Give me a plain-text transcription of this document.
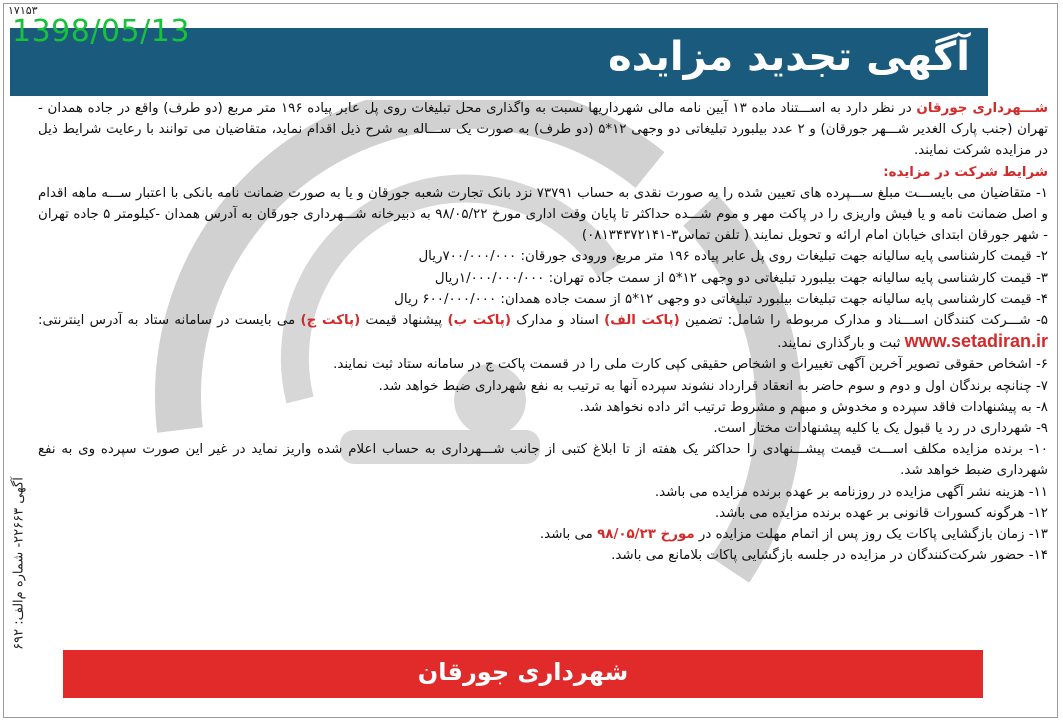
۱۷۱۵۳
1398/05/13
آگهی تجدید مزایده
آگهی ۲۲۶۶۳- شماره م‌الف: ۶۹۲

شـــهرداری جورقان در نظر دارد به اســـتناد ماده ۱۳ آیین نامه مالی شهرداریها نسبت به واگذاری محل تبلیغات روی پل عابر پیاده ۱۹۶ متر مربع (دو طرف) واقع در جاده همدان - تهران (جنب پارک الغدیر شـــهر جورقان) و ۲ عدد بیلبورد تبلیغاتی دو وجهی ۱۲*۵ (دو طرف) به صورت یک ســـاله به شرح ذیل اقدام نماید، متقاضیان می توانند با رعایت شرایط ذیل در مزایده شرکت نمایند.

شرایط شرکت در مزایده:

۱- متقاضیان می بایســـت مبلغ ســـپرده های تعیین شده را به صورت نقدی به حساب ۷۳۷۹۱ نزد بانک تجارت شعبه جورقان و یا به صورت ضمانت نامه بانکی با اعتبار ســـه ماهه اقدام و اصل ضمانت نامه و یا فیش واریزی را در پاکت مهر و موم شـــده حداکثر تا پایان وقت اداری مورخ ۹۸/۰۵/۲۲ به دبیرخانه شـــهرداری جورقان به آدرس همدان -کیلومتر ۵ جاده تهران - شهر جورقان ابتدای خیابان امام ارائه و تحویل نمایند ( تلفن تماس۳-۰۸۱۳۴۳۷۲۱۴۱)

۲- قیمت کارشناسی پایه سالیانه جهت تبلیغات روی پل عابر پیاده ۱۹۶ متر مربع، ورودی جورقان: ۷۰۰/۰۰۰/۰۰۰ریال

۳- قیمت کارشناسی پایه سالیانه جهت بیلبورد تبلیغاتی دو وجهی ۱۲*۵ از سمت جاده تهران: ۱/۰۰۰/۰۰۰/۰۰۰ریال

۴- قیمت کارشناسی پایه سالیانه جهت تبلیغات بیلبورد تبلیغاتی دو وجهی ۱۲*۵ از سمت جاده همدان: ۶۰۰/۰۰۰/۰۰۰ ریال

۵- شـــرکت کنندگان اســـناد و مدارک مربوطه را شامل: تضمین (پاکت الف) اسناد و مدارک (پاکت ب) پیشنهاد قیمت (پاکت ج) می بایست در سامانه ستاد به آدرس اینترنتی: www.setadiran.ir ثبت و بارگذاری نمایند.

۶- اشخاص حقوقی تصویر آخرین آگهی تغییرات و اشخاص حقیقی کپی کارت ملی را در قسمت پاکت ج در سامانه ستاد ثبت نمایند.

۷- چنانچه برندگان اول و دوم و سوم حاضر به انعقاد قرارداد نشوند سپرده آنها به ترتیب به نفع شهرداری ضبط خواهد شد.

۸- به پیشنهادات فاقد سپرده و مخدوش و مبهم و مشروط ترتیب اثر داده نخواهد شد.

۹- شهرداری در رد یا قبول یک یا کلیه پیشنهادات مختار است.

۱۰- برنده مزایده مکلف اســـت قیمت پیشـــنهادی را حداکثر یک هفته از تا ابلاغ کتبی از جانب شـــهرداری به حساب اعلام شده واریز نماید در غیر این صورت سپرده وی به نفع شهرداری ضبط خواهد شد.

۱۱- هزینه نشر آگهی مزایده در روزنامه بر عهده برنده مزایده می باشد.

۱۲- هرگونه کسورات قانونی بر عهده برنده مزایده می باشد.

۱۳- زمان بازگشایی پاکات یک روز پس از اتمام مهلت مزایده در مورخ ۹۸/۰۵/۲۳ می باشد.

۱۴- حضور شرکت‌کنندگان در مزایده در جلسه بازگشایی پاکات بلامانع می باشد.

شهرداری جورقان
